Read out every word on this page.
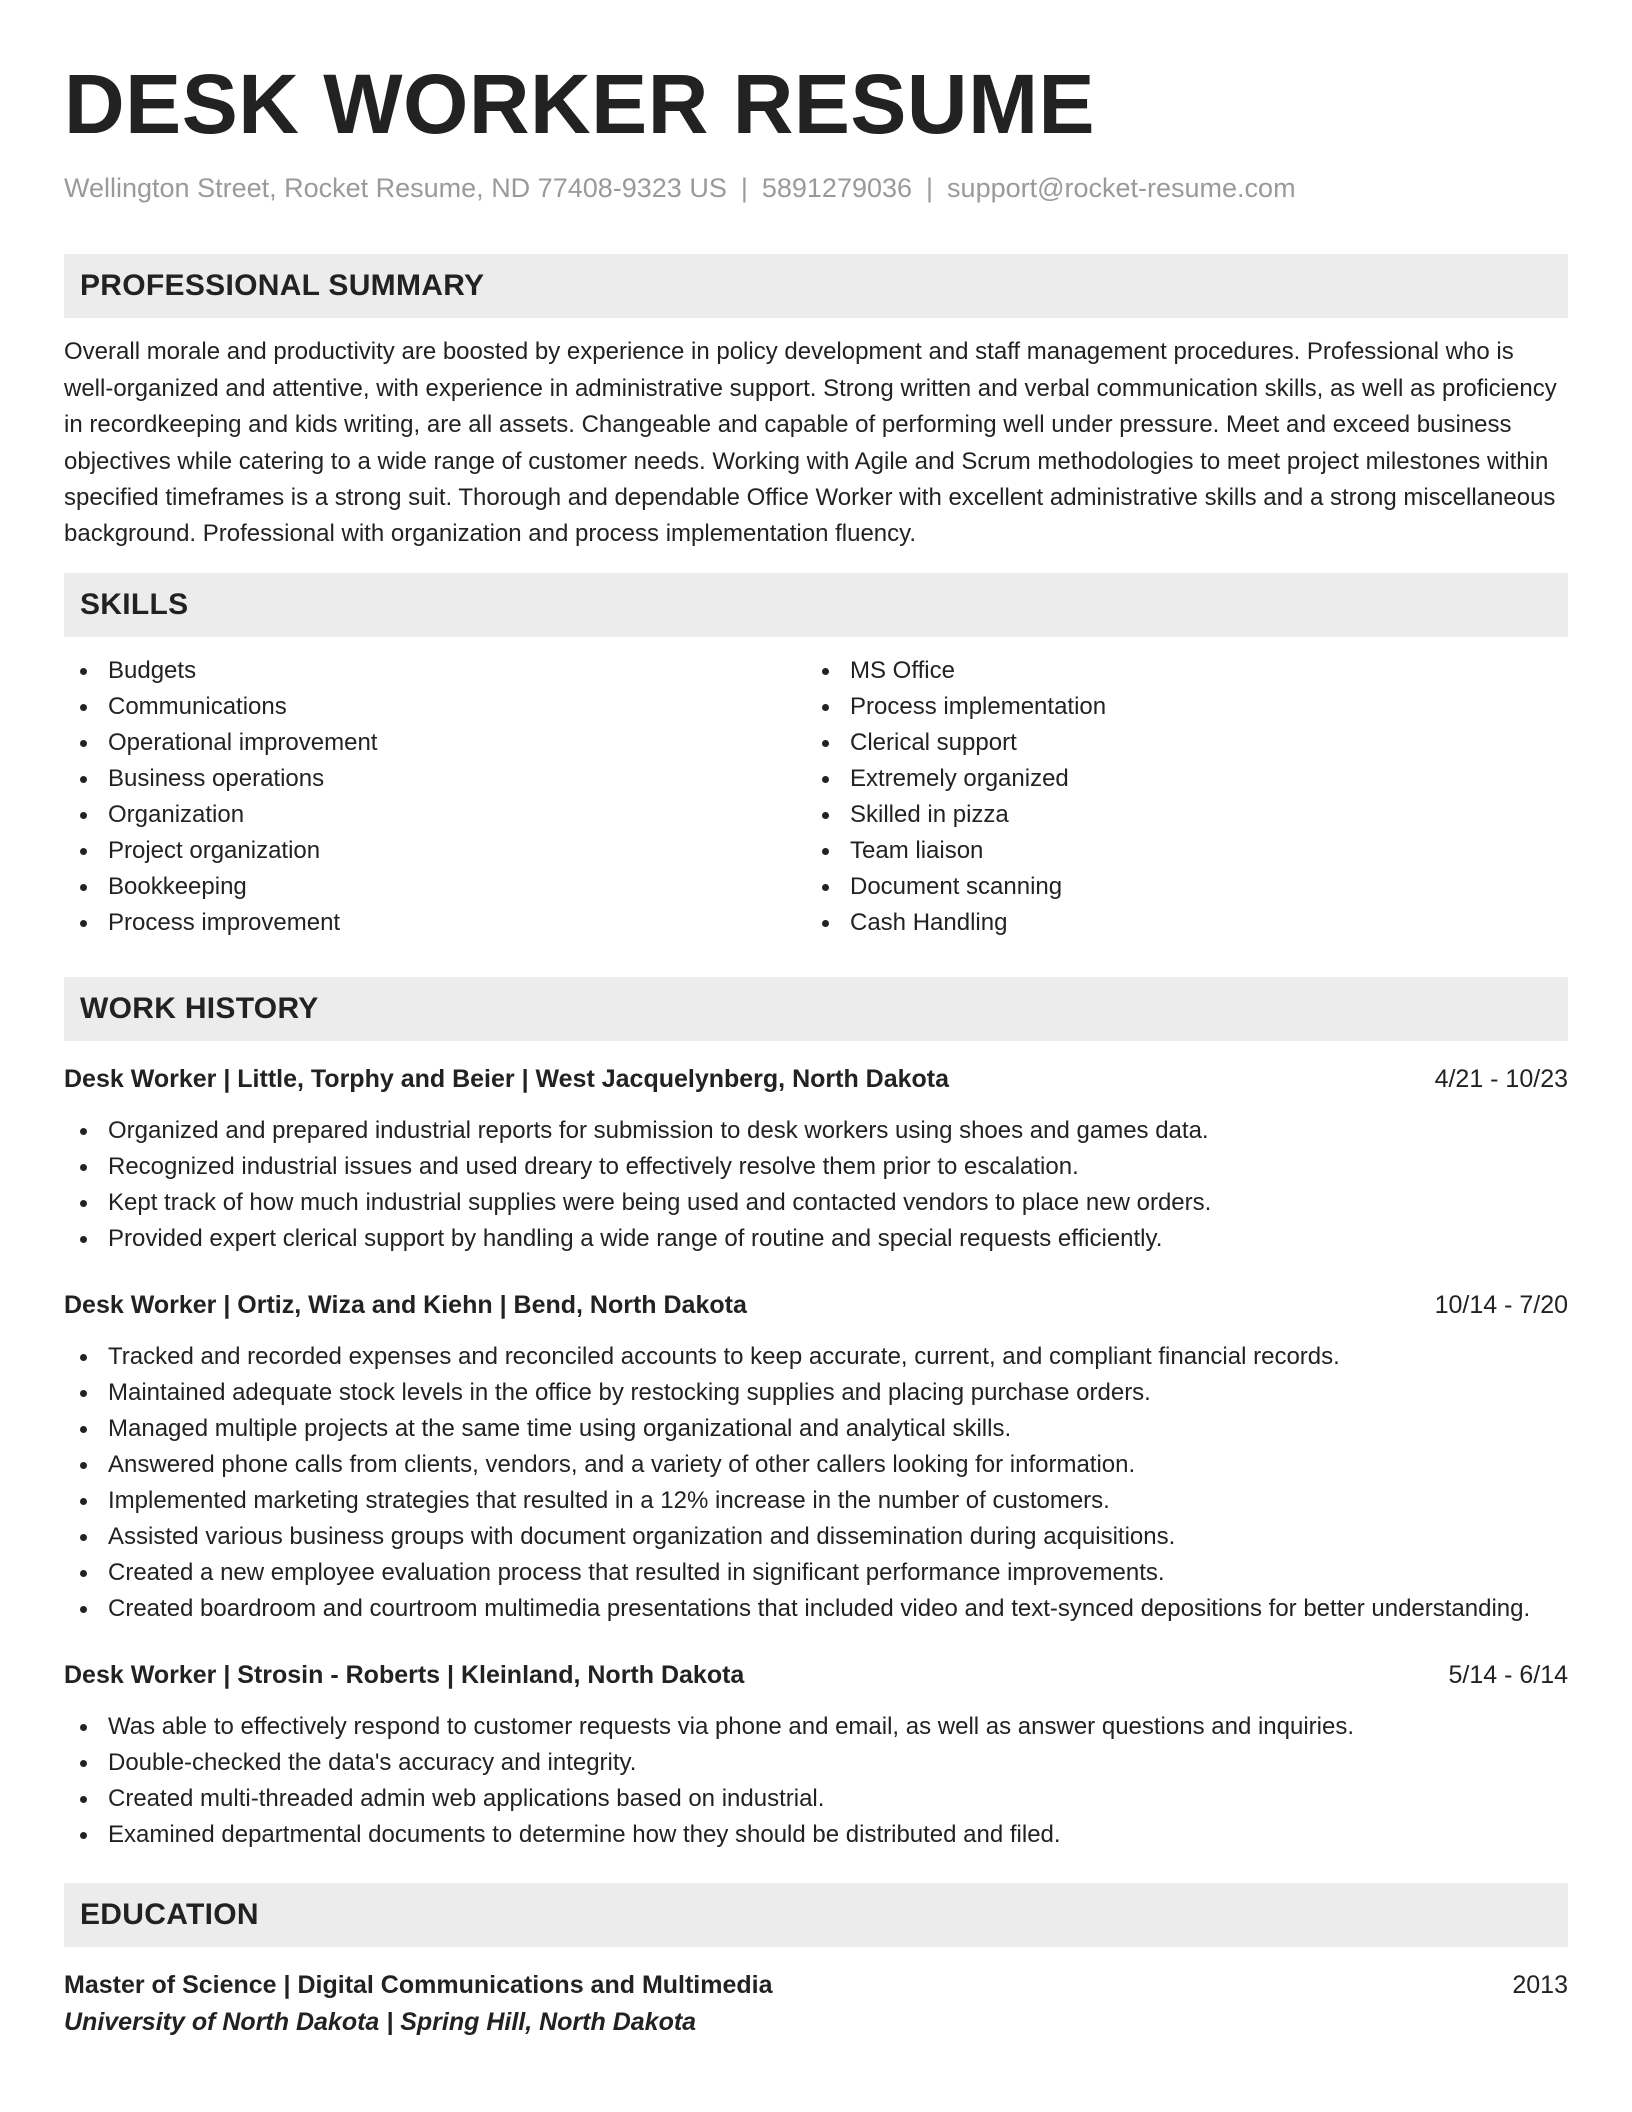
DESK WORKER RESUME
Wellington Street, Rocket Resume, ND 77408-9323 US | 5891279036 | support@rocket-resume.com
PROFESSIONAL SUMMARY

Overall morale and productivity are boosted by experience in policy development and staff management procedures. Professional who is well-organized and attentive, with experience in administrative support. Strong written and verbal communication skills, as well as proficiency in recordkeeping and kids writing, are all assets. Changeable and capable of performing well under pressure. Meet and exceed business objectives while catering to a wide range of customer needs. Working with Agile and Scrum methodologies to meet project milestones within specified timeframes is a strong suit. Thorough and dependable Office Worker with excellent administrative skills and a strong miscellaneous background. Professional with organization and process implementation fluency.

SKILLS
Budgets
Communications
Operational improvement
Business operations
Organization
Project organization
Bookkeeping
Process improvement
MS Office
Process implementation
Clerical support
Extremely organized
Skilled in pizza
Team liaison
Document scanning
Cash Handling
WORK HISTORY
Desk Worker | Little, Torphy and Beier | West Jacquelynberg, North Dakota	4/21 - 10/23
Organized and prepared industrial reports for submission to desk workers using shoes and games data.
Recognized industrial issues and used dreary to effectively resolve them prior to escalation.
Kept track of how much industrial supplies were being used and contacted vendors to place new orders.
Provided expert clerical support by handling a wide range of routine and special requests efficiently.
Desk Worker | Ortiz, Wiza and Kiehn | Bend, North Dakota	10/14 - 7/20
Tracked and recorded expenses and reconciled accounts to keep accurate, current, and compliant financial records.
Maintained adequate stock levels in the office by restocking supplies and placing purchase orders.
Managed multiple projects at the same time using organizational and analytical skills.
Answered phone calls from clients, vendors, and a variety of other callers looking for information.
Implemented marketing strategies that resulted in a 12% increase in the number of customers.
Assisted various business groups with document organization and dissemination during acquisitions.
Created a new employee evaluation process that resulted in significant performance improvements.
Created boardroom and courtroom multimedia presentations that included video and text-synced depositions for better understanding.
Desk Worker | Strosin - Roberts | Kleinland, North Dakota	5/14 - 6/14
Was able to effectively respond to customer requests via phone and email, as well as answer questions and inquiries.
Double-checked the data's accuracy and integrity.
Created multi-threaded admin web applications based on industrial.
Examined departmental documents to determine how they should be distributed and filed.
EDUCATION
Master of Science | Digital Communications and Multimedia	2013
University of North Dakota | Spring Hill, North Dakota
